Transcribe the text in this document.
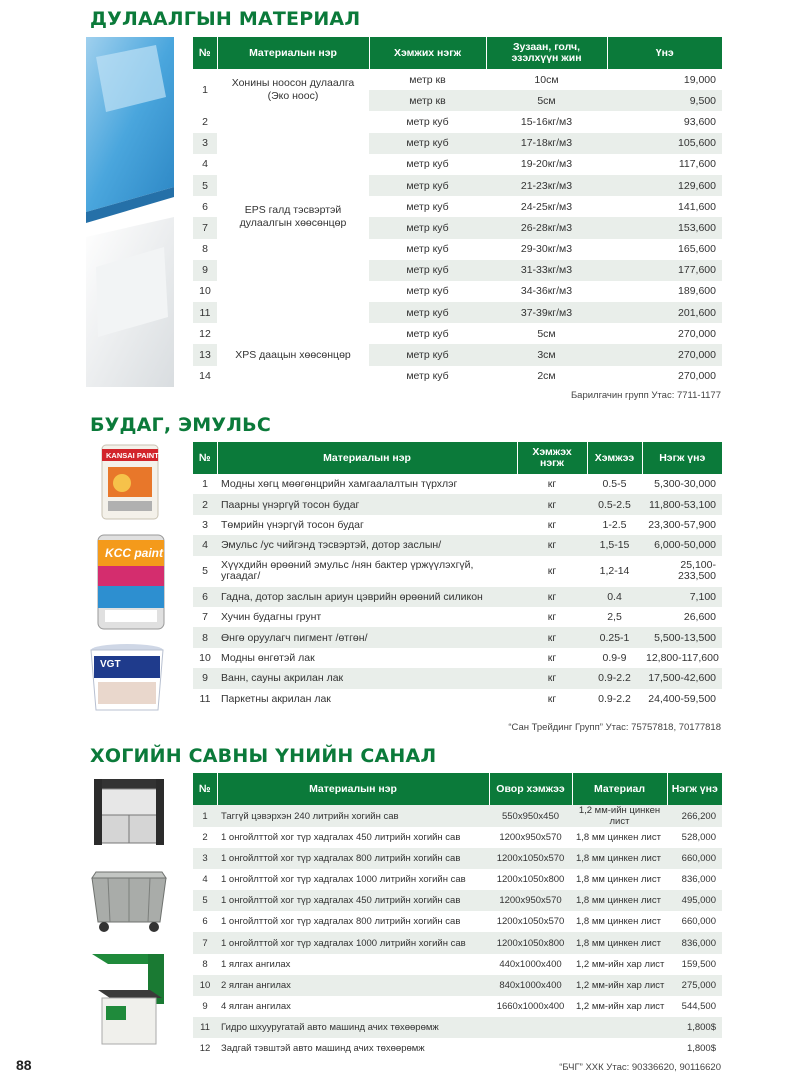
ДУЛААЛГЫН МАТЕРИАЛ
№	Материалын нэр	Хэмжих нэгж	Зузаан, голч, эзэлхүүн жин	Үнэ
1	Хонины ноосон дулаалга (Эко ноос)	метр кв	10см	19,000
		метр кв	5см	9,500
2	EPS галд тэсвэртэй дулаалгын хөөсөнцөр	метр куб	15-16кг/м3	93,600
3		метр куб	17-18кг/м3	105,600
4		метр куб	19-20кг/м3	117,600
5		метр куб	21-23кг/м3	129,600
6		метр куб	24-25кг/м3	141,600
7		метр куб	26-28кг/м3	153,600
8		метр куб	29-30кг/м3	165,600
9		метр куб	31-33кг/м3	177,600
10		метр куб	34-36кг/м3	189,600
11		метр куб	37-39кг/м3	201,600
12	XPS даацын хөөсөнцөр	метр куб	5см	270,000
13		метр куб	3см	270,000
14		метр куб	2см	270,000
Барилгачин групп Утас: 7711-1177
БУДАГ, ЭМУЛЬС
KANSAI PAINT
KCC paint
VGT
№	Материалын нэр	Хэмжэх нэгж	Хэмжээ	Нэгж үнэ
1	Модны хөгц мөөгөнцрийн хамгаалалтын түрхлэг	кг	0.5-5	5,300-30,000
2	Паарны үнэргүй тосон будаг	кг	0.5-2.5	11,800-53,100
3	Төмрийн үнэргүй тосон будаг	кг	1-2.5	23,300-57,900
4	Эмульс /ус чийгэнд тэсвэртэй, дотор заслын/	кг	1,5-15	6,000-50,000
5	Хүүхдийн өрөөний эмульс /нян бактер үржүүлэхгүй, угаадаг/	кг	1,2-14	25,100-233,500
6	Гадна, дотор заслын ариун цэврийн өрөөний силикон	кг	0.4	7,100
7	Хучин будагны грунт	кг	2,5	26,600
8	Өнгө оруулагч пигмент /өтгөн/	кг	0.25-1	5,500-13,500
10	Модны өнгөтэй лак	кг	0.9-9	12,800-117,600
9	Ванн, сауны акрилан лак	кг	0.9-2.2	17,500-42,600
11	Паркетны акрилан лак	кг	0.9-2.2	24,400-59,500
“Сан Трейдинг Групп” Утас: 75757818, 70177818
ХОГИЙН САВНЫ ҮНИЙН САНАЛ
№	Материалын нэр	Овор хэмжээ	Материал	Нэгж үнэ
1	Таггүй цэвэрхэн 240 литрийн хогийн сав	550х950х450	1,2 мм-ийн цинкен лист	266,200
2	1 онгойлттой хог түр хадгалах 450 литрийн хогийн сав	1200х950х570	1,8 мм цинкен лист	528,000
3	1 онгойлттой хог түр хадгалах 800 литрийн хогийн сав	1200х1050х570	1,8 мм цинкен лист	660,000
4	1 онгойлттой хог түр хадгалах 1000 литрийн хогийн сав	1200х1050х800	1,8 мм цинкен лист	836,000
5	1 онгойлттой хог түр хадгалах 450 литрийн хогийн сав	1200х950х570	1,8 мм цинкен лист	495,000
6	1 онгойлттой хог түр хадгалах 800 литрийн хогийн сав	1200х1050х570	1,8 мм цинкен лист	660,000
7	1 онгойлттой хог түр хадгалах 1000 литрийн хогийн сав	1200х1050х800	1,8 мм цинкен лист	836,000
8	1 ялгах ангилах	440х1000х400	1,2 мм-ийн хар лист	159,500
10	2 ялган ангилах	840х1000х400	1,2 мм-ийн хар лист	275,000
9	4 ялган ангилах	1660х1000х400	1,2 мм-ийн хар лист	544,500
11	Гидро шхууругатай авто машинд ачих төхөөрөмж			1,800$
12	Задгай тэвштэй авто машинд ачих төхөөрөмж			1,800$
“БЧГ” ХХК Утас: 90336620, 90116620
88
